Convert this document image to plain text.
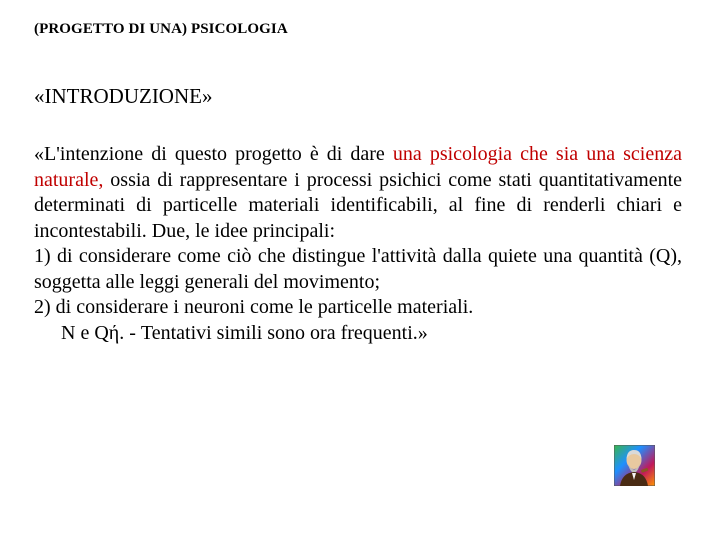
(PROGETTO DI UNA) PSICOLOGIA
«INTRODUZIONE»
«L'intenzione di questo progetto è di dare una psicologia che sia una scienza naturale, ossia di rappresentare i processi psichici come stati quantitativamente determinati di particelle materiali identificabili, al fine di renderli chiari e incontestabili. Due, le idee principali:
1) di considerare come ciò che distingue l'attività dalla quiete una quantità (Q), soggetta alle leggi generali del movimento;
2) di considerare i neuroni come le particelle materiali.
N e Qή. - Tentativi simili sono ora frequenti.»
